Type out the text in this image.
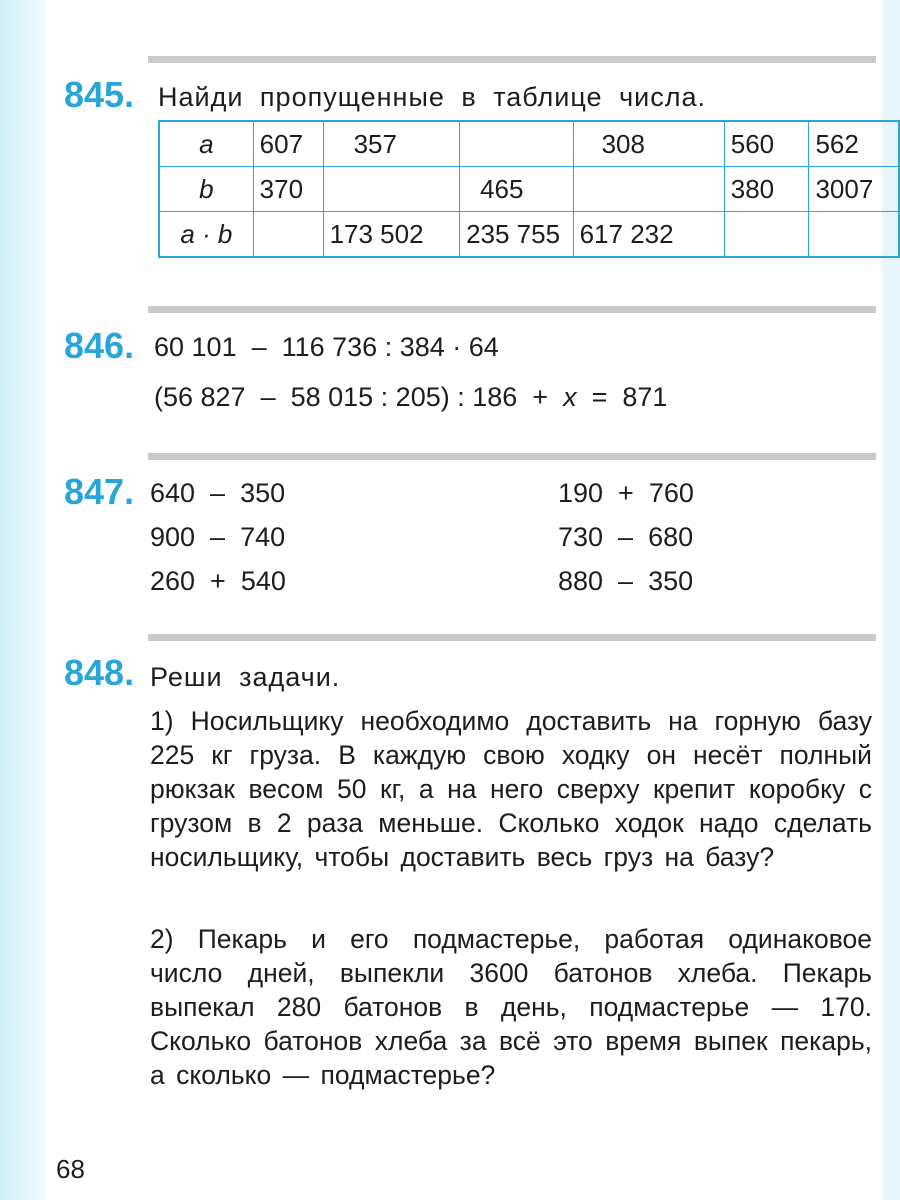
845. Найди пропущенные в таблице числа.
a	607	357		308	560	562
b	370		465		380	3007
a · b		173 502	235 755	617 232		
846. 60 101  –  116 736 : 384 · 64
(56 827  –  58 015 : 205) : 186  +  x  =  871
847. 640  –  350
900  –  740
260  +  540
190  +  760
730  –  680
880  –  350
848. Реши задачи.
1) Носильщику необходимо доставить на горную базу 225 кг груза. В каждую свою ходку он несёт полный рюкзак весом 50 кг, а на него сверху крепит коробку с грузом в 2 раза меньше. Сколько ходок надо сделать носильщику, чтобы доставить весь груз на базу?
2) Пекарь и его подмастерье, работая одинаковое число дней, выпекли 3600 батонов хлеба. Пекарь выпекал 280 батонов в день, подмастерье — 170. Сколько батонов хлеба за всё это время выпек пекарь, а сколько — подмастерье?
68
